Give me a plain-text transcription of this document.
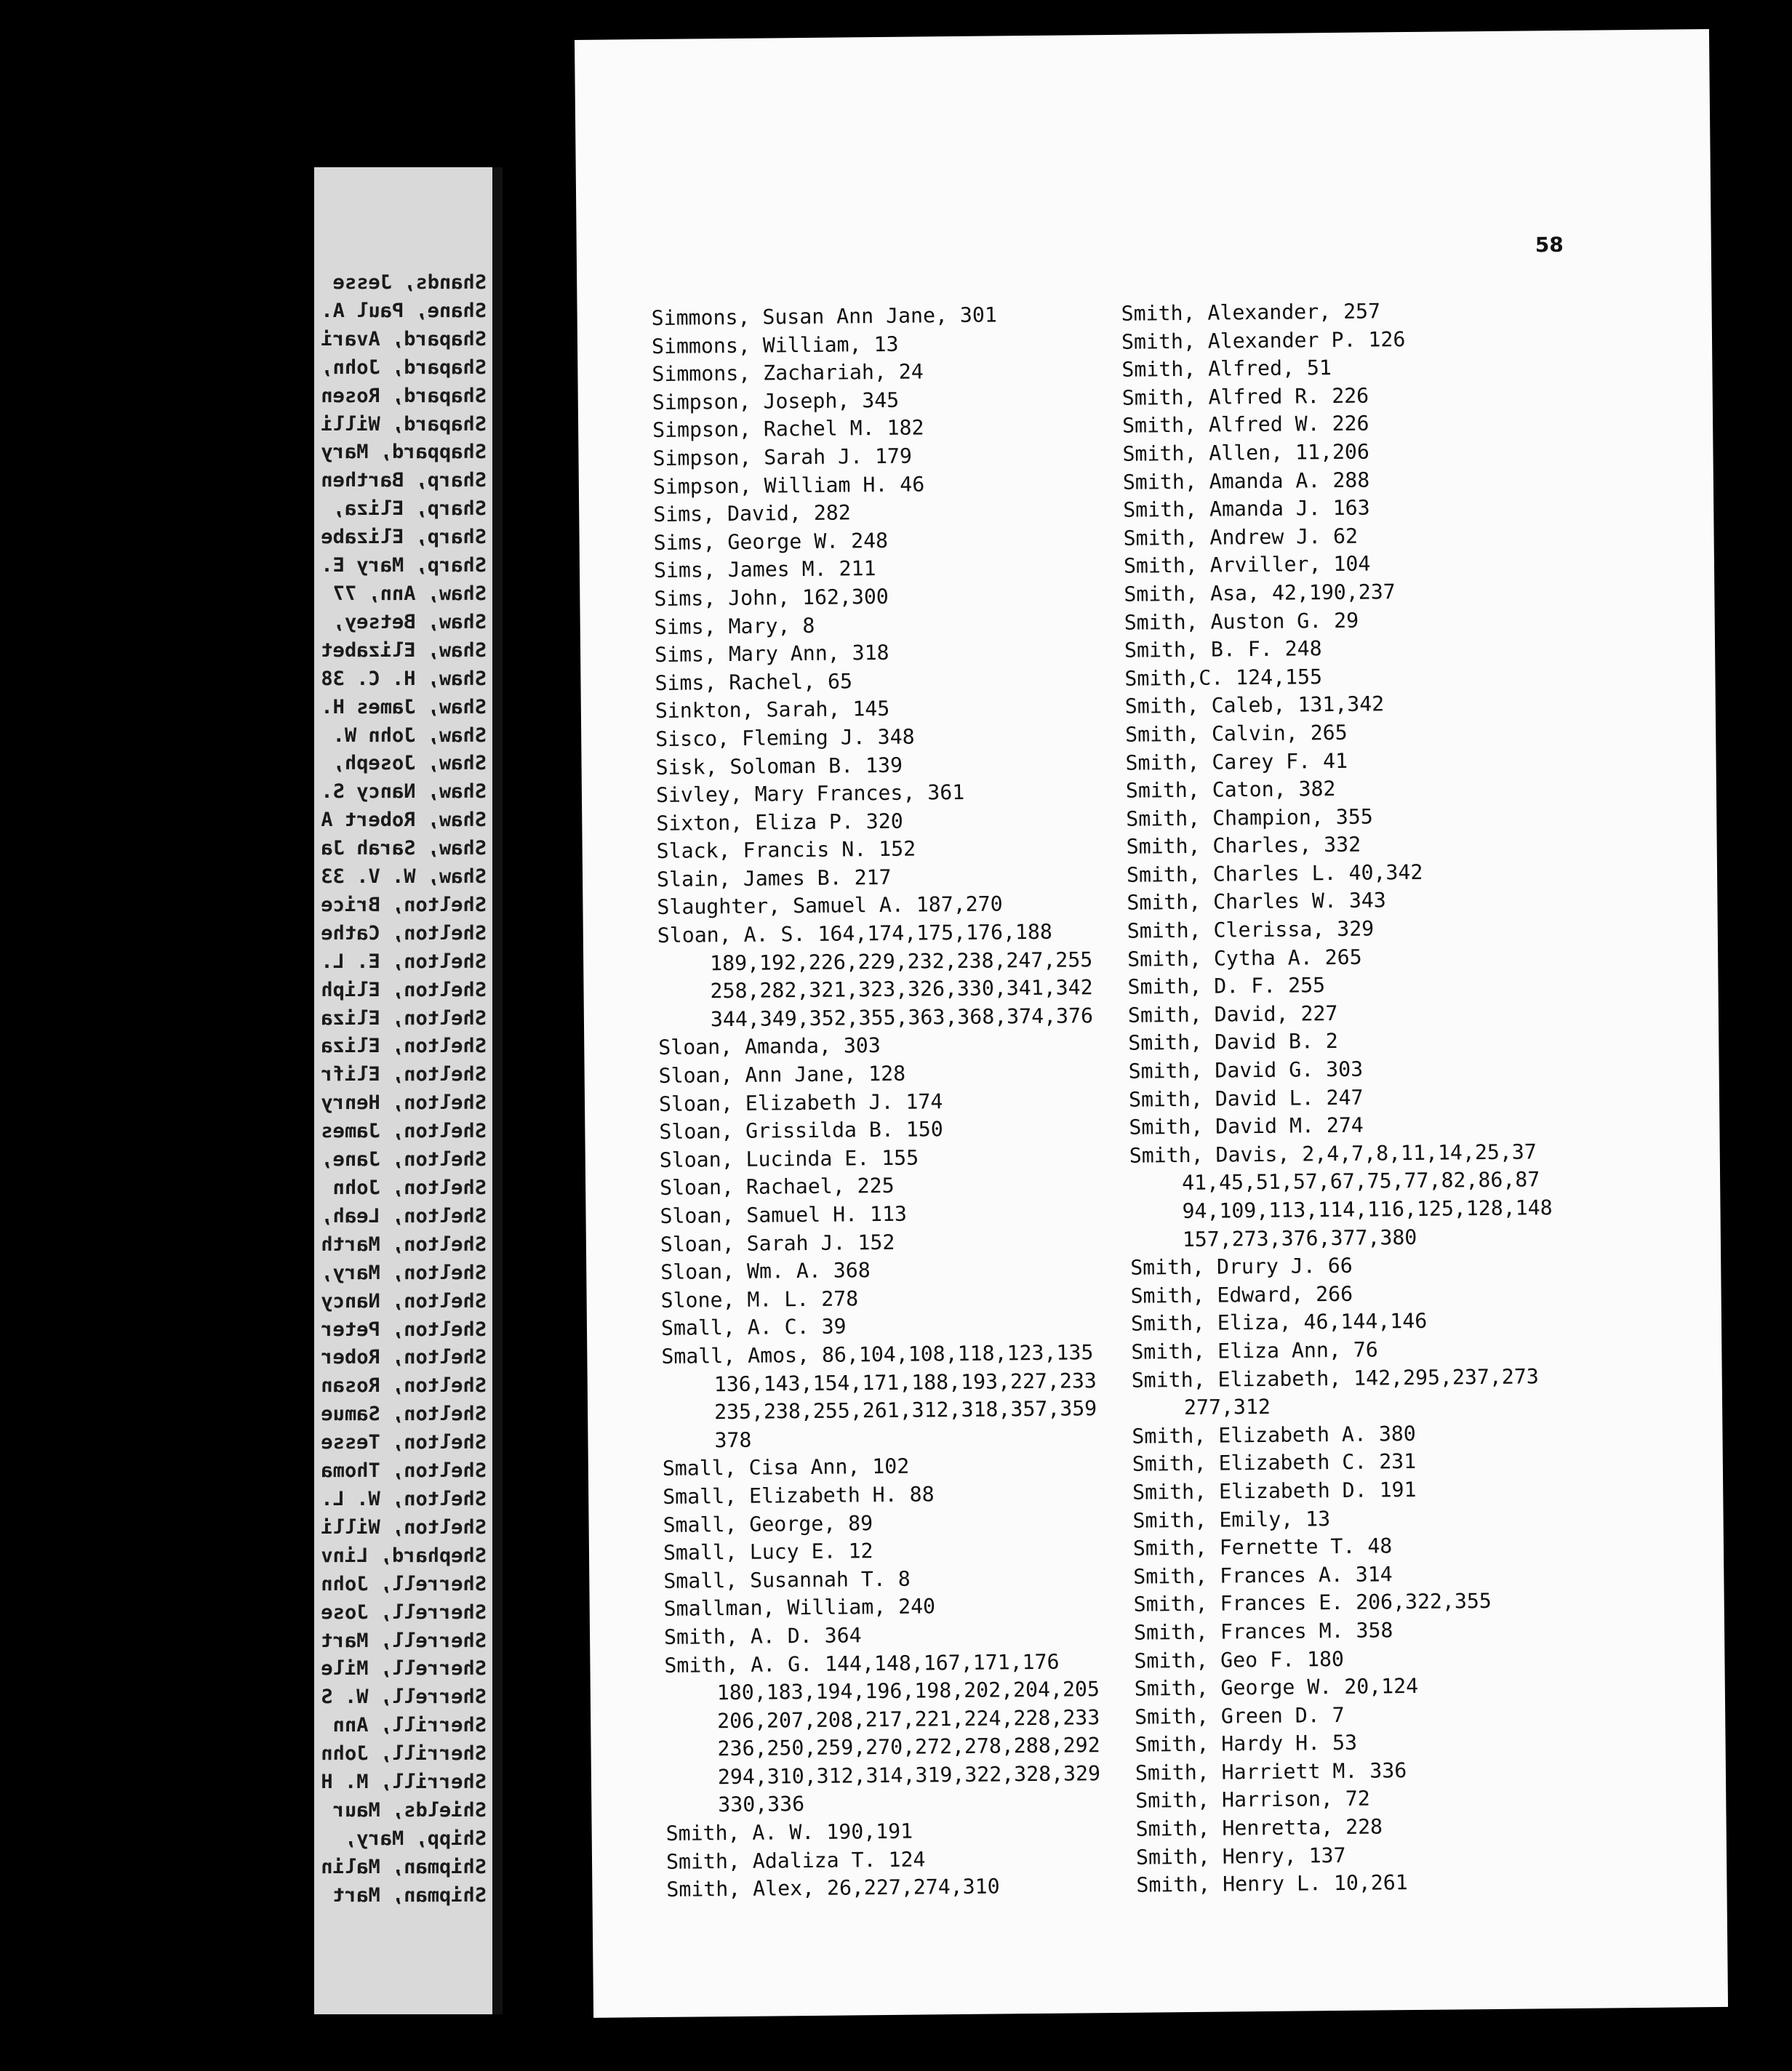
Shands, Jesse
Shane, Paul A.
Shapard, Avari
Shapard, John,
Shapard, Rosen
Shapard, Willi
Shappard, Mary
Sharp, Barthen
Sharp, Eliza,
Sharp, Elizabe
Sharp, Mary E.
Shaw, Ann, 77
Shaw, Betsey,
Shaw, Elizabet
Shaw, H. C. 38
Shaw, James H.
Shaw, John W.
Shaw, Joseph,
Shaw, Nancy S.
Shaw, Robert A
Shaw, Sarah Ja
Shaw, W. V. 33
Shelton, Brice
Shelton, Cathe
Shelton, E. L.
Shelton, Eliph
Shelton, Eliza
Shelton, Eliza
Shelton, Elifr
Shelton, Henry
Shelton, James
Shelton, Jane,
Shelton, John
Shelton, Leah,
Shelton, Marth
Shelton, Mary,
Shelton, Nancy
Shelton, Peter
Shelton, Rober
Shelton, Rosan
Shelton, Samue
Shelton, Tesse
Shelton, Thoma
Shelton, W. L.
Shelton, Willi
Shephard, Linv
Sherrell, John
Sherrell, Jose
Sherrell, Mart
Sherrell, Mile
Sherrell, W. S
Sherrill, Ann
Sherrill, John
Sherrill, M. H
Shields, Maur
Shipp, Mary,
Shipman, Malin
Shipman, Mart
58
Simmons, Susan Ann Jane, 301
Simmons, William, 13
Simmons, Zachariah, 24
Simpson, Joseph, 345
Simpson, Rachel M. 182
Simpson, Sarah J. 179
Simpson, William H. 46
Sims, David, 282
Sims, George W. 248
Sims, James M. 211
Sims, John, 162,300
Sims, Mary, 8
Sims, Mary Ann, 318
Sims, Rachel, 65
Sinkton, Sarah, 145
Sisco, Fleming J. 348
Sisk, Soloman B. 139
Sivley, Mary Frances, 361
Sixton, Eliza P. 320
Slack, Francis N. 152
Slain, James B. 217
Slaughter, Samuel A. 187,270
Sloan, A. S. 164,174,175,176,188
189,192,226,229,232,238,247,255
258,282,321,323,326,330,341,342
344,349,352,355,363,368,374,376
Sloan, Amanda, 303
Sloan, Ann Jane, 128
Sloan, Elizabeth J. 174
Sloan, Grissilda B. 150
Sloan, Lucinda E. 155
Sloan, Rachael, 225
Sloan, Samuel H. 113
Sloan, Sarah J. 152
Sloan, Wm. A. 368
Slone, M. L. 278
Small, A. C. 39
Small, Amos, 86,104,108,118,123,135
136,143,154,171,188,193,227,233
235,238,255,261,312,318,357,359
378
Small, Cisa Ann, 102
Small, Elizabeth H. 88
Small, George, 89
Small, Lucy E. 12
Small, Susannah T. 8
Smallman, William, 240
Smith, A. D. 364
Smith, A. G. 144,148,167,171,176
180,183,194,196,198,202,204,205
206,207,208,217,221,224,228,233
236,250,259,270,272,278,288,292
294,310,312,314,319,322,328,329
330,336
Smith, A. W. 190,191
Smith, Adaliza T. 124
Smith, Alex, 26,227,274,310
Smith, Alexander, 257
Smith, Alexander P. 126
Smith, Alfred, 51
Smith, Alfred R. 226
Smith, Alfred W. 226
Smith, Allen, 11,206
Smith, Amanda A. 288
Smith, Amanda J. 163
Smith, Andrew J. 62
Smith, Arviller, 104
Smith, Asa, 42,190,237
Smith, Auston G. 29
Smith, B. F. 248
Smith,C. 124,155
Smith, Caleb, 131,342
Smith, Calvin, 265
Smith, Carey F. 41
Smith, Caton, 382
Smith, Champion, 355
Smith, Charles, 332
Smith, Charles L. 40,342
Smith, Charles W. 343
Smith, Clerissa, 329
Smith, Cytha A. 265
Smith, D. F. 255
Smith, David, 227
Smith, David B. 2
Smith, David G. 303
Smith, David L. 247
Smith, David M. 274
Smith, Davis, 2,4,7,8,11,14,25,37
41,45,51,57,67,75,77,82,86,87
94,109,113,114,116,125,128,148
157,273,376,377,380
Smith, Drury J. 66
Smith, Edward, 266
Smith, Eliza, 46,144,146
Smith, Eliza Ann, 76
Smith, Elizabeth, 142,295,237,273
277,312
Smith, Elizabeth A. 380
Smith, Elizabeth C. 231
Smith, Elizabeth D. 191
Smith, Emily, 13
Smith, Fernette T. 48
Smith, Frances A. 314
Smith, Frances E. 206,322,355
Smith, Frances M. 358
Smith, Geo F. 180
Smith, George W. 20,124
Smith, Green D. 7
Smith, Hardy H. 53
Smith, Harriett M. 336
Smith, Harrison, 72
Smith, Henretta, 228
Smith, Henry, 137
Smith, Henry L. 10,261
